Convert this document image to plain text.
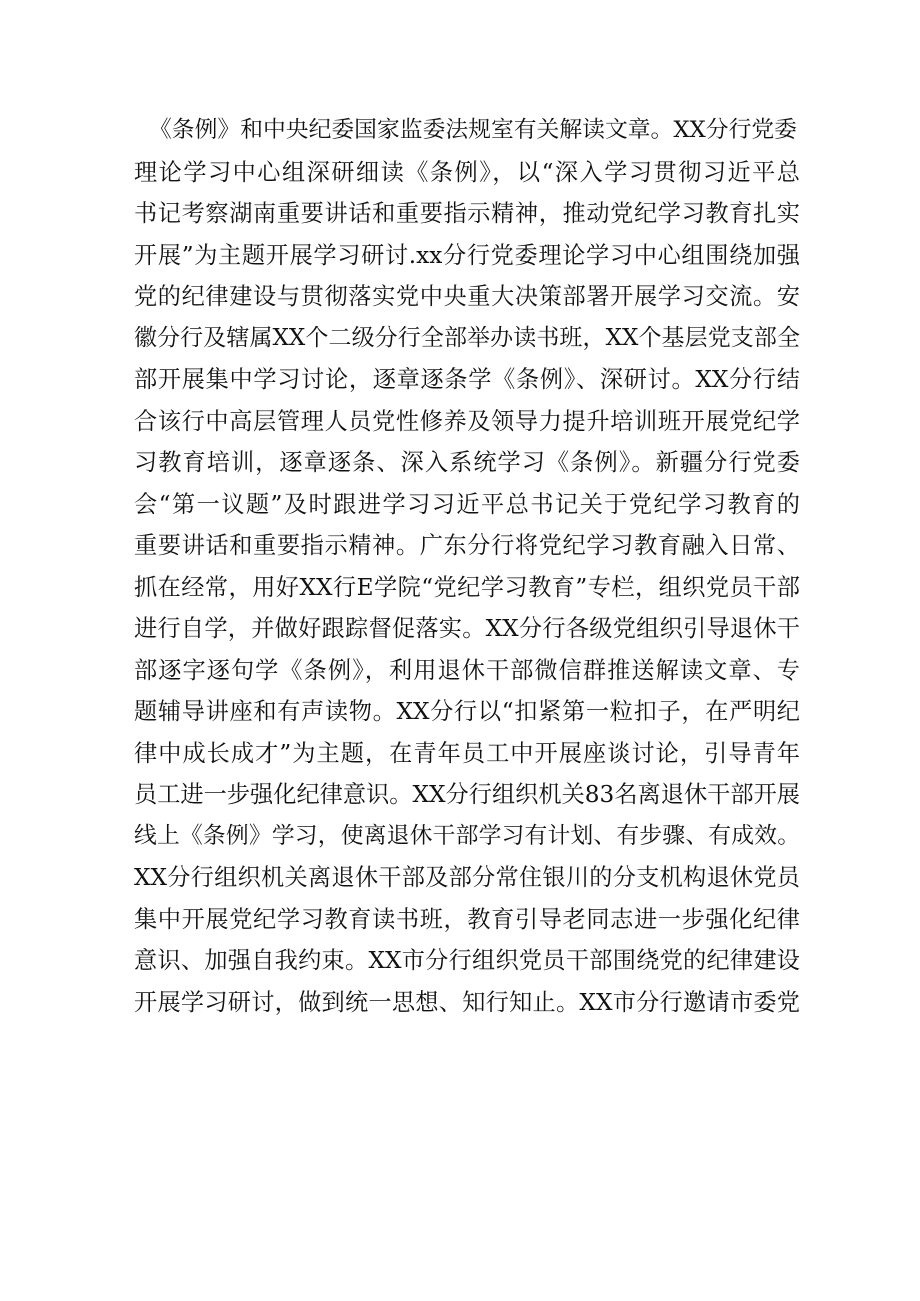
《条例》和中央纪委国家监委法规室有关解读文章。XX分行党委
理论学习中心组深研细读《条例》，以“深入学习贯彻习近平总
书记考察湖南重要讲话和重要指示精神，推动党纪学习教育扎实
开展”为主题开展学习研讨.xx分行党委理论学习中心组围绕加强
党的纪律建设与贯彻落实党中央重大决策部署开展学习交流。安
徽分行及辖属XX个二级分行全部举办读书班，XX个基层党支部全
部开展集中学习讨论，逐章逐条学《条例》、深研讨。XX分行结
合该行中高层管理人员党性修养及领导力提升培训班开展党纪学
习教育培训，逐章逐条、深入系统学习《条例》。新疆分行党委
会“第一议题”及时跟进学习习近平总书记关于党纪学习教育的
重要讲话和重要指示精神。广东分行将党纪学习教育融入日常、
抓在经常，用好XX行E学院“党纪学习教育”专栏，组织党员干部
进行自学，并做好跟踪督促落实。XX分行各级党组织引导退休干
部逐字逐句学《条例》，利用退休干部微信群推送解读文章、专
题辅导讲座和有声读物。XX分行以“扣紧第一粒扣子，在严明纪
律中成长成才”为主题，在青年员工中开展座谈讨论，引导青年
员工进一步强化纪律意识。XX分行组织机关83名离退休干部开展
线上《条例》学习，使离退休干部学习有计划、有步骤、有成效。
XX分行组织机关离退休干部及部分常住银川的分支机构退休党员
集中开展党纪学习教育读书班，教育引导老同志进一步强化纪律
意识、加强自我约束。XX市分行组织党员干部围绕党的纪律建设
开展学习研讨，做到统一思想、知行知止。XX市分行邀请市委党
